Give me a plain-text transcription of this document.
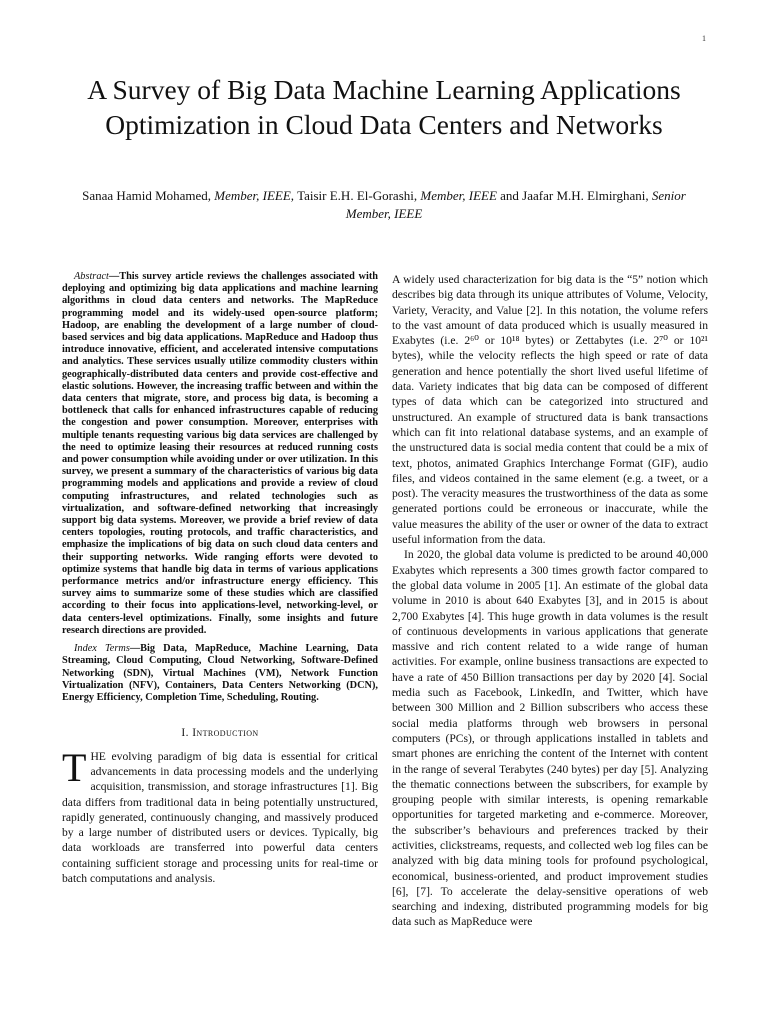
1
A Survey of Big Data Machine Learning Applications Optimization in Cloud Data Centers and Networks
Sanaa Hamid Mohamed, Member, IEEE, Taisir E.H. El-Gorashi, Member, IEEE and Jaafar M.H. Elmirghani, Senior Member, IEEE

Abstract—This survey article reviews the challenges associated with deploying and optimizing big data applications and machine learning algorithms in cloud data centers and networks. The MapReduce programming model and its widely-used open-source platform; Hadoop, are enabling the development of a large number of cloud-based services and big data applications. MapReduce and Hadoop thus introduce innovative, efficient, and accelerated intensive computations and analytics. These services usually utilize commodity clusters within geographically-distributed data centers and provide cost-effective and elastic solutions. However, the increasing traffic between and within the data centers that migrate, store, and process big data, is becoming a bottleneck that calls for enhanced infrastructures capable of reducing the congestion and power consumption. Moreover, enterprises with multiple tenants requesting various big data services are challenged by the need to optimize leasing their resources at reduced running costs and power consumption while avoiding under or over utilization. In this survey, we present a summary of the characteristics of various big data programming models and applications and provide a review of cloud computing infrastructures, and related technologies such as virtualization, and software-defined networking that increasingly support big data systems. Moreover, we provide a brief review of data centers topologies, routing protocols, and traffic characteristics, and emphasize the implications of big data on such cloud data centers and their supporting networks. Wide ranging efforts were devoted to optimize systems that handle big data in terms of various applications performance metrics and/or infrastructure energy efficiency. This survey aims to summarize some of these studies which are classified according to their focus into applications-level, networking-level, or data centers-level optimizations. Finally, some insights and future research directions are provided.

Index Terms—Big Data, MapReduce, Machine Learning, Data Streaming, Cloud Computing, Cloud Networking, Software-Defined Networking (SDN), Virtual Machines (VM), Network Function Virtualization (NFV), Containers, Data Centers Networking (DCN), Energy Efficiency, Completion Time, Scheduling, Routing.

I. Introduction

THE evolving paradigm of big data is essential for critical advancements in data processing models and the underlying acquisition, transmission, and storage infrastructures [1]. Big data differs from traditional data in being potentially unstructured, rapidly generated, continuously changing, and massively produced by a large number of distributed users or devices. Typically, big data workloads are transferred into powerful data centers containing sufficient storage and processing units for real-time or batch computations and analysis.

A widely used characterization for big data is the “5” notion which describes big data through its unique attributes of Volume, Velocity, Variety, Veracity, and Value [2]. In this notation, the volume refers to the vast amount of data produced which is usually measured in Exabytes (i.e. 2⁶⁰ or 10¹⁸ bytes) or Zettabytes (i.e. 2⁷⁰ or 10²¹ bytes), while the velocity reflects the high speed or rate of data generation and hence potentially the short lived useful lifetime of data. Variety indicates that big data can be composed of different types of data which can be categorized into structured and unstructured. An example of structured data is bank transactions which can fit into relational database systems, and an example of the unstructured data is social media content that could be a mix of text, photos, animated Graphics Interchange Format (GIF), audio files, and videos contained in the same element (e.g. a tweet, or a post). The veracity measures the trustworthiness of the data as some generated portions could be erroneous or inaccurate, while the value measures the ability of the user or owner of the data to extract useful information from the data.

In 2020, the global data volume is predicted to be around 40,000 Exabytes which represents a 300 times growth factor compared to the global data volume in 2005 [1]. An estimate of the global data volume in 2010 is about 640 Exabytes [3], and in 2015 is about 2,700 Exabytes [4]. This huge growth in data volumes is the result of continuous developments in various applications that generate massive and rich content related to a wide range of human activities. For example, online business transactions are expected to have a rate of 450 Billion transactions per day by 2020 [4]. Social media such as Facebook, LinkedIn, and Twitter, which have between 300 Million and 2 Billion subscribers who access these social media platforms through web browsers in personal computers (PCs), or through applications installed in tablets and smart phones are enriching the content of the Internet with content in the range of several Terabytes (240 bytes) per day [5]. Analyzing the thematic connections between the subscribers, for example by grouping people with similar interests, is opening remarkable opportunities for targeted marketing and e-commerce. Moreover, the subscriber’s behaviours and preferences tracked by their activities, clickstreams, requests, and collected web log files can be analyzed with big data mining tools for profound psychological, economical, business-oriented, and product improvement studies [6], [7]. To accelerate the delay-sensitive operations of web searching and indexing, distributed programming models for big data such as MapReduce were
